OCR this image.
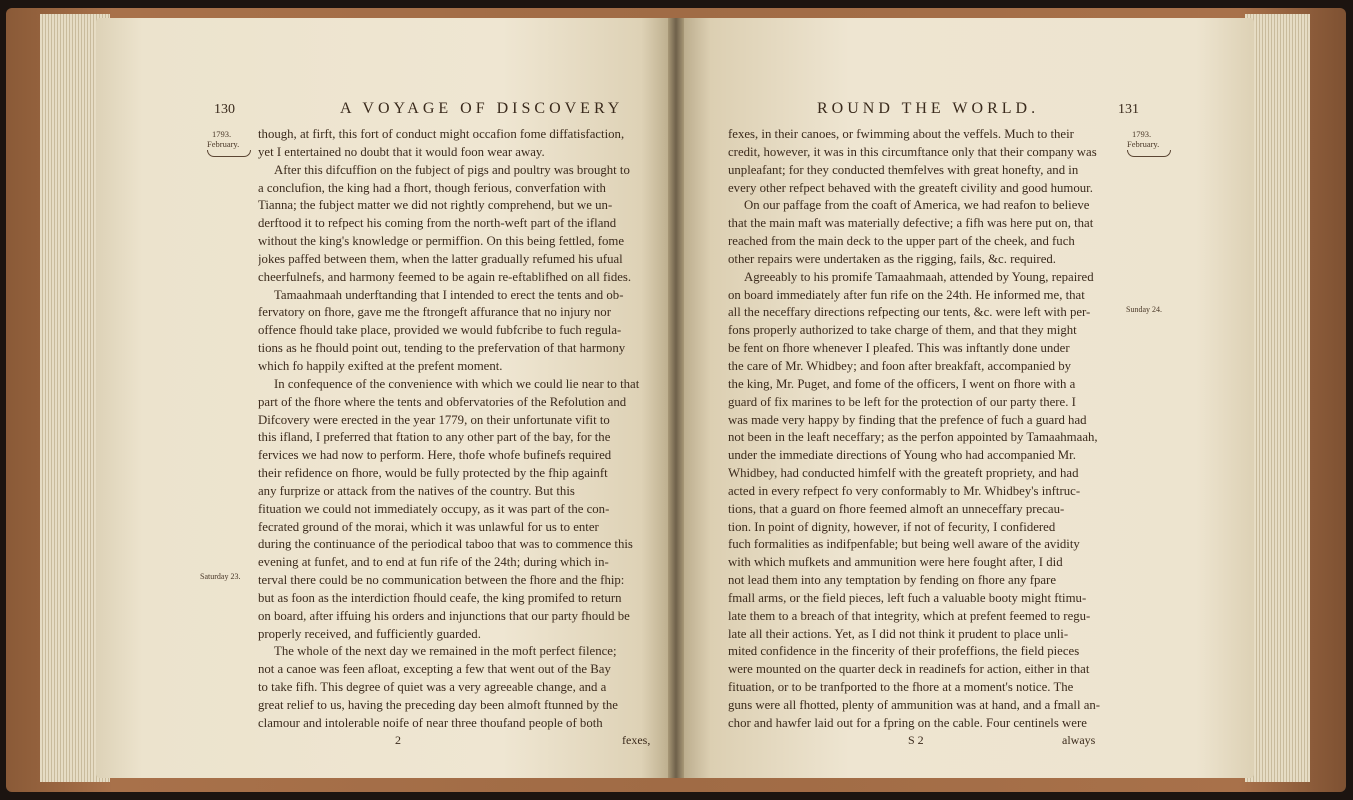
130	A VOYAGE OF DISCOVERY
1793.
February.
Saturday 23.
though, at firft, this fort of conduct might occafion fome diffatisfaction,
yet I entertained no doubt that it would foon wear away.
After this difcuffion on the fubject of pigs and poultry was brought to
a conclufion, the king had a fhort, though ferious, converfation with
Tianna; the fubject matter we did not rightly comprehend, but we un-
derftood it to refpect his coming from the north-weft part of the ifland
without the king's knowledge or permiffion. On this being fettled, fome
jokes paffed between them, when the latter gradually refumed his ufual
cheerfulnefs, and harmony feemed to be again re-eftablifhed on all fides.
Tamaahmaah underftanding that I intended to erect the tents and ob-
fervatory on fhore, gave me the ftrongeft affurance that no injury nor
offence fhould take place, provided we would fubfcribe to fuch regula-
tions as he fhould point out, tending to the prefervation of that harmony
which fo happily exifted at the prefent moment.
In confequence of the convenience with which we could lie near to that
part of the fhore where the tents and obfervatories of the Refolution and
Difcovery were erected in the year 1779, on their unfortunate vifit to
this ifland, I preferred that ftation to any other part of the bay, for the
fervices we had now to perform. Here, thofe whofe bufinefs required
their refidence on fhore, would be fully protected by the fhip againft
any furprize or attack from the natives of the country. But this
fituation we could not immediately occupy, as it was part of the con-
fecrated ground of the morai, which it was unlawful for us to enter
during the continuance of the periodical taboo that was to commence this
evening at funfet, and to end at fun rife of the 24th; during which in-
terval there could be no communication between the fhore and the fhip:
but as foon as the interdiction fhould ceafe, the king promifed to return
on board, after iffuing his orders and injunctions that our party fhould be
properly received, and fufficiently guarded.
The whole of the next day we remained in the moft perfect filence;
not a canoe was feen afloat, excepting a few that went out of the Bay
to take fifh. This degree of quiet was a very agreeable change, and a
great relief to us, having the preceding day been almoft ftunned by the
clamour and intolerable noife of near three thoufand people of both
2	fexes,
ROUND THE WORLD.	131
1793.
February.
Sunday 24.
fexes, in their canoes, or fwimming about the veffels. Much to their
credit, however, it was in this circumftance only that their company was
unpleafant; for they conducted themfelves with great honefty, and in
every other refpect behaved with the greateft civility and good humour.
On our paffage from the coaft of America, we had reafon to believe
that the main maft was materially defective; a fifh was here put on, that
reached from the main deck to the upper part of the cheek, and fuch
other repairs were undertaken as the rigging, fails, &c. required.
Agreeably to his promife Tamaahmaah, attended by Young, repaired
on board immediately after fun rife on the 24th. He informed me, that
all the neceffary directions refpecting our tents, &c. were left with per-
fons properly authorized to take charge of them, and that they might
be fent on fhore whenever I pleafed. This was inftantly done under
the care of Mr. Whidbey; and foon after breakfaft, accompanied by
the king, Mr. Puget, and fome of the officers, I went on fhore with a
guard of fix marines to be left for the protection of our party there. I
was made very happy by finding that the prefence of fuch a guard had
not been in the leaft neceffary; as the perfon appointed by Tamaahmaah,
under the immediate directions of Young who had accompanied Mr.
Whidbey, had conducted himfelf with the greateft propriety, and had
acted in every refpect fo very conformably to Mr. Whidbey's inftruc-
tions, that a guard on fhore feemed almoft an unneceffary precau-
tion. In point of dignity, however, if not of fecurity, I confidered
fuch formalities as indifpenfable; but being well aware of the avidity
with which mufkets and ammunition were here fought after, I did
not lead them into any temptation by fending on fhore any fpare
fmall arms, or the field pieces, left fuch a valuable booty might ftimu-
late them to a breach of that integrity, which at prefent feemed to regu-
late all their actions. Yet, as I did not think it prudent to place unli-
mited confidence in the fincerity of their profeffions, the field pieces
were mounted on the quarter deck in readinefs for action, either in that
fituation, or to be tranfported to the fhore at a moment's notice. The
guns were all fhotted, plenty of ammunition was at hand, and a fmall an-
chor and hawfer laid out for a fpring on the cable. Four centinels were
S 2	always
